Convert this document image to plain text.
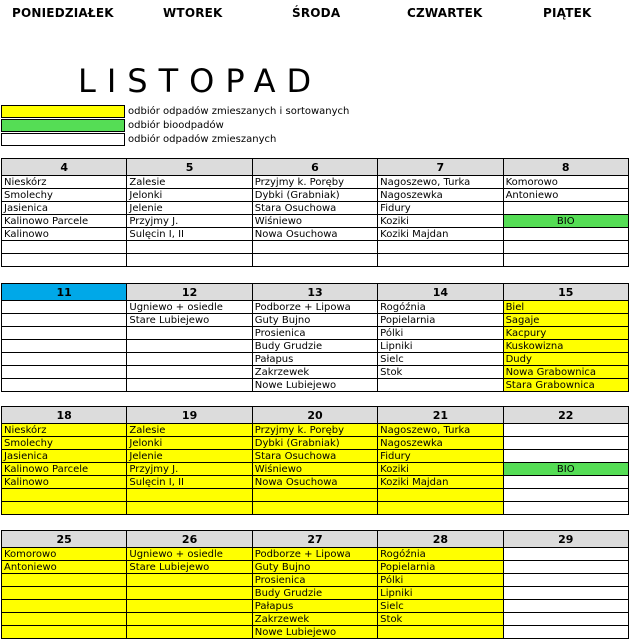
PONIEDZIAŁEK	WTOREK	ŚRODA	CZWARTEK	PIĄTEK
LISTOPAD
odbiór odpadów zmieszanych i sortowanych
odbiór bioodpadów
odbiór odpadów zmieszanych
4	5	6	7	8
Nieskórz	Zalesie	Przyjmy k. Poręby	Nagoszewo, Turka	Komorowo
Smolechy	Jelonki	Dybki (Grabniak)	Nagoszewka	Antoniewo
Jasienica	Jelenie	Stara Osuchowa	Fidury	
Kalinowo Parcele	Przyjmy J.	Wiśniewo	Koziki	BIO
Kalinowo	Sulęcin I, II	Nowa Osuchowa	Koziki Majdan	

11	12	13	14	15
	Ugniewo + osiedle	Podborze + Lipowa	Rogóźnia	Biel
	Stare Lubiejewo	Guty Bujno	Popielarnia	Sagaje
		Prosienica	Pólki	Kacpury
		Budy Grudzie	Lipniki	Kuskowizna
		Pałapus	Sielc	Dudy
		Zakrzewek	Stok	Nowa Grabownica
		Nowe Lubiejewo		Stara Grabownica
18	19	20	21	22
Nieskórz	Zalesie	Przyjmy k. Poręby	Nagoszewo, Turka	
Smolechy	Jelonki	Dybki (Grabniak)	Nagoszewka	
Jasienica	Jelenie	Stara Osuchowa	Fidury	
Kalinowo Parcele	Przyjmy J.	Wiśniewo	Koziki	BIO
Kalinowo	Sulęcin I, II	Nowa Osuchowa	Koziki Majdan	

25	26	27	28	29
Komorowo	Ugniewo + osiedle	Podborze + Lipowa	Rogóźnia	
Antoniewo	Stare Lubiejewo	Guty Bujno	Popielarnia	
		Prosienica	Pólki	
		Budy Grudzie	Lipniki	
		Pałapus	Sielc	
		Zakrzewek	Stok	
		Nowe Lubiejewo		
